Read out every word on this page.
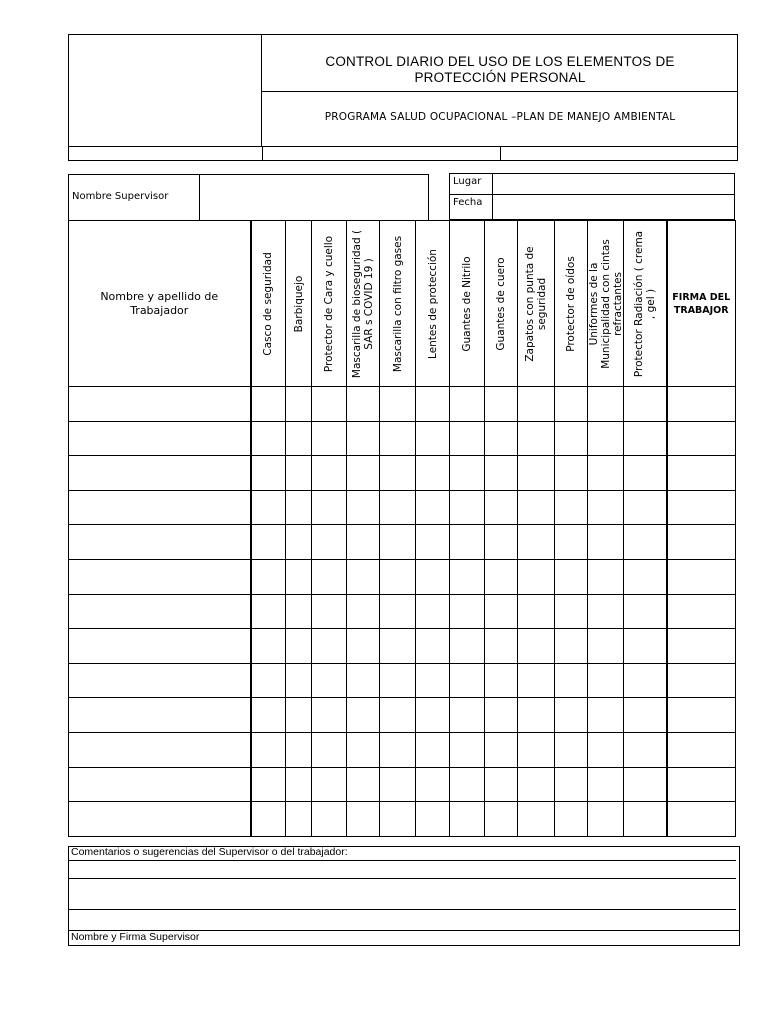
CONTROL DIARIO DEL USO DE LOS ELEMENTOS DE
PROTECCIÓN PERSONAL
PROGRAMA SALUD OCUPACIONAL –PLAN DE MANEJO AMBIENTAL
Nombre Supervisor
Lugar
Fecha
Nombre y apellido de Trabajador	Casco de seguridad	Barbiquejo	Protector de Cara y cuello	Mascarilla de bioseguridad ( SAR s COVID 19 )	Mascarilla con filtro gases	Lentes de protección	Guantes de Nitrilo	Guantes de cuero	Zapatos con punta de seguridad	Protector de oídos	Uniformes de la Municipalidad con cintas refractantes	Protector Radiación ( crema , gel )	FIRMA DEL TRABAJOR

Comentarios o sugerencias del Supervisor o del trabajador:
Nombre y Firma Supervisor
